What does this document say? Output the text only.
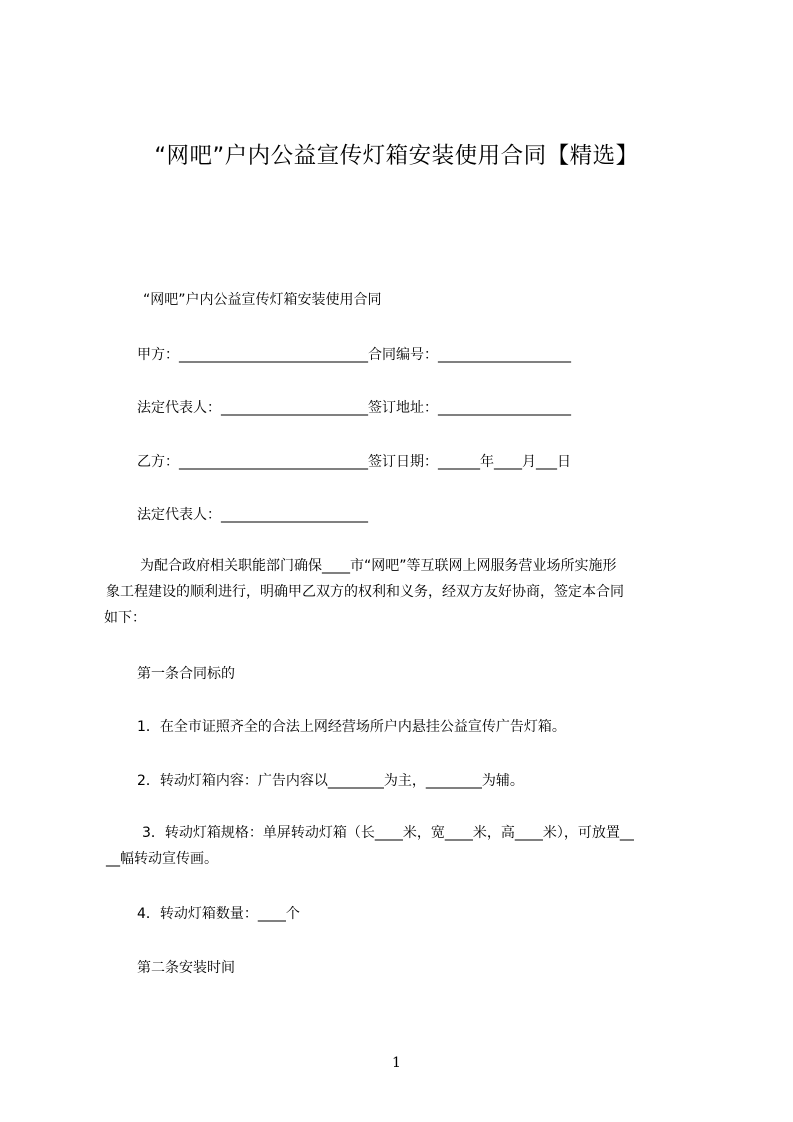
“网吧”户内公益宣传灯箱安装使用合同【精选】
“网吧”户内公益宣传灯箱安装使用合同
甲方：___________________________合同编号：___________________
法定代表人：_____________________签订地址：___________________
乙方：___________________________签订日期：______年____月___日
法定代表人：_____________________
为配合政府相关职能部门确保____市“网吧”等互联网上网服务营业场所实施形
象工程建设的顺利进行，明确甲乙双方的权利和义务，经双方友好协商，签定本合同
如下：
第一条合同标的
1．在全市证照齐全的合法上网经营场所户内悬挂公益宣传广告灯箱。
2．转动灯箱内容：广告内容以________为主，________为辅。
3．转动灯箱规格：单屏转动灯箱（长____米，宽____米，高____米），可放置__
__幅转动宣传画。
4．转动灯箱数量：____个
第二条安装时间
1
